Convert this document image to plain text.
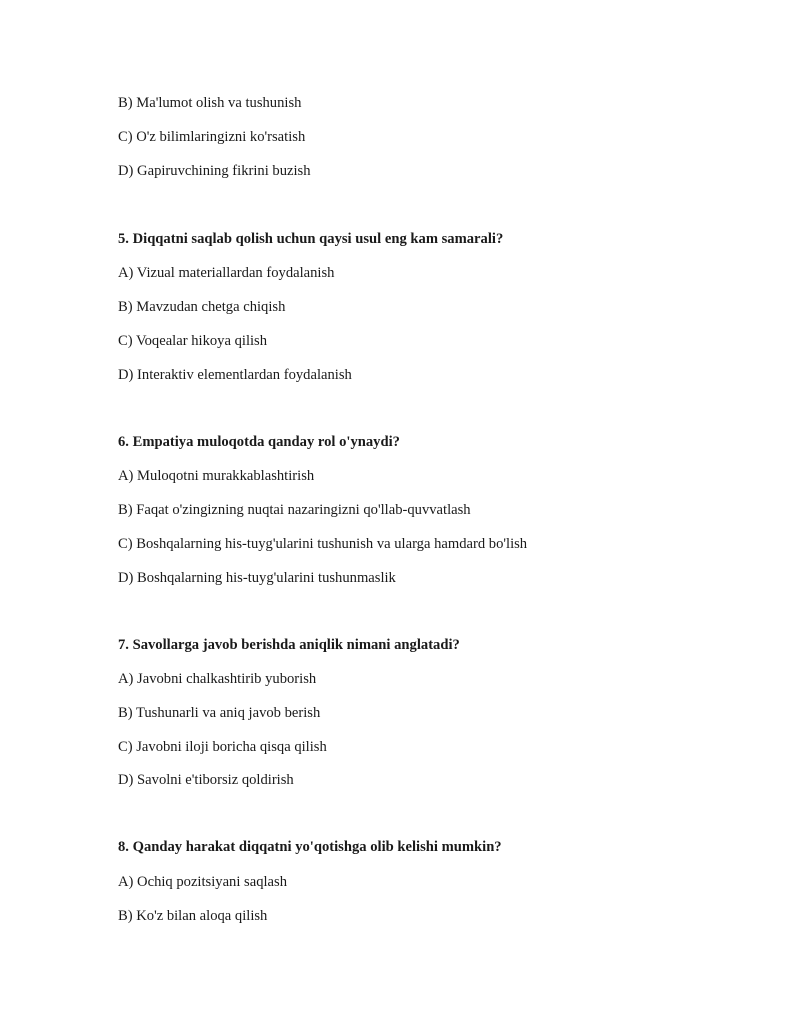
B) Ma'lumot olish va tushunish
C) O'z bilimlaringizni ko'rsatish
D) Gapiruvchining fikrini buzish
5. Diqqatni saqlab qolish uchun qaysi usul eng kam samarali?
A) Vizual materiallardan foydalanish
B) Mavzudan chetga chiqish
C) Voqealar hikoya qilish
D) Interaktiv elementlardan foydalanish
6. Empatiya muloqotda qanday rol o'ynaydi?
A) Muloqotni murakkablashtirish
B) Faqat o'zingizning nuqtai nazaringizni qo'llab-quvvatlash
C) Boshqalarning his-tuyg'ularini tushunish va ularga hamdard bo'lish
D) Boshqalarning his-tuyg'ularini tushunmaslik
7. Savollarga javob berishda aniqlik nimani anglatadi?
A) Javobni chalkashtirib yuborish
B) Tushunarli va aniq javob berish
C) Javobni iloji boricha qisqa qilish
D) Savolni e'tiborsiz qoldirish
8. Qanday harakat diqqatni yo'qotishga olib kelishi mumkin?
A) Ochiq pozitsiyani saqlash
B) Ko'z bilan aloqa qilish
